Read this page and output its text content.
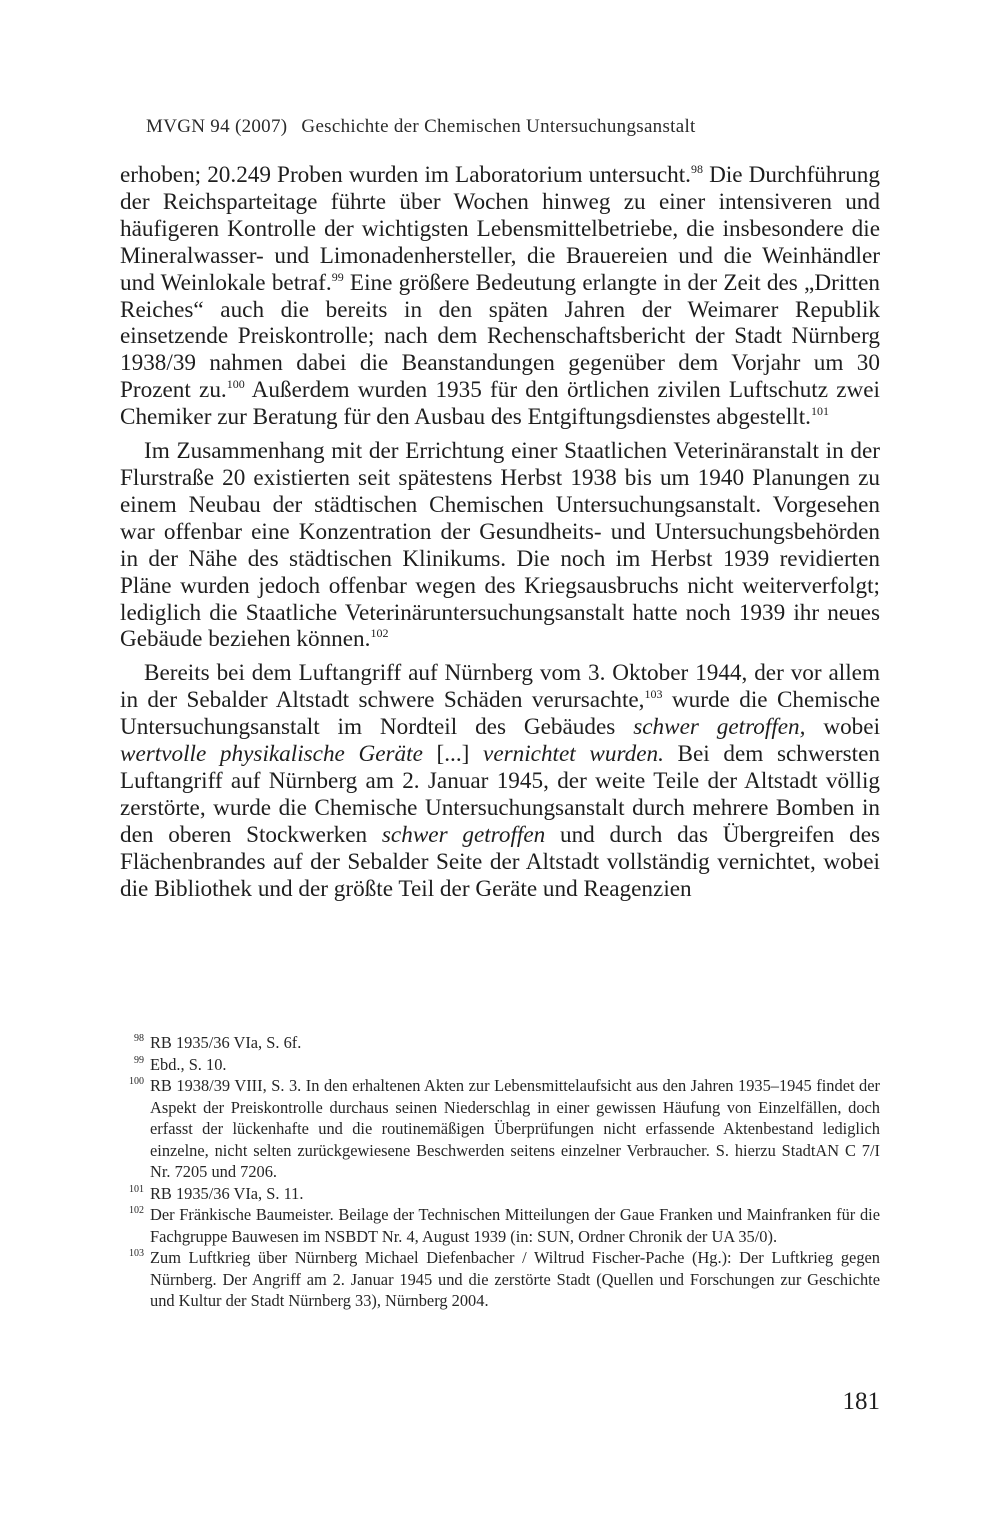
MVGN 94 (2007) Geschichte der Chemischen Untersuchungsanstalt

erhoben; 20.249 Proben wurden im Laboratorium untersucht.$^{98}$ Die Durchführung der Reichsparteitage führte über Wochen hinweg zu einer intensiveren und häufigeren Kontrolle der wichtigsten Lebensmittelbetriebe, die insbesondere die Mineralwasser- und Limonadenhersteller, die Brauereien und die Weinhändler und Weinlokale betraf.$^{99}$ Eine größere Bedeutung erlangte in der Zeit des „Dritten Reiches“ auch die bereits in den späten Jahren der Weimarer Republik einsetzende Preiskontrolle; nach dem Rechenschaftsbericht der Stadt Nürnberg 1938/39 nahmen dabei die Beanstandungen gegenüber dem Vorjahr um 30 Prozent zu.$^{100}$ Außerdem wurden 1935 für den örtlichen zivilen Luftschutz zwei Chemiker zur Beratung für den Ausbau des Entgiftungsdienstes abgestellt.$^{101}$

Im Zusammenhang mit der Errichtung einer Staatlichen Veterinäranstalt in der Flurstraße 20 existierten seit spätestens Herbst 1938 bis um 1940 Planungen zu einem Neubau der städtischen Chemischen Untersuchungsanstalt. Vorgesehen war offenbar eine Konzentration der Gesundheits- und Untersuchungsbehörden in der Nähe des städtischen Klinikums. Die noch im Herbst 1939 revidierten Pläne wurden jedoch offenbar wegen des Kriegsausbruchs nicht weiterverfolgt; lediglich die Staatliche Veterinäruntersuchungsanstalt hatte noch 1939 ihr neues Gebäude beziehen können.$^{102}$

Bereits bei dem Luftangriff auf Nürnberg vom 3. Oktober 1944, der vor allem in der Sebalder Altstadt schwere Schäden verursachte,$^{103}$ wurde die Chemische Untersuchungsanstalt im Nordteil des Gebäudes schwer getroffen, wobei wertvolle physikalische Geräte [...] vernichtet wurden. Bei dem schwersten Luftangriff auf Nürnberg am 2. Januar 1945, der weite Teile der Altstadt völlig zerstörte, wurde die Chemische Untersuchungsanstalt durch mehrere Bomben in den oberen Stockwerken schwer getroffen und durch das Übergreifen des Flächenbrandes auf der Sebalder Seite der Altstadt vollständig vernichtet, wobei die Bibliothek und der größte Teil der Geräte und Reagenzien

98 RB 1935/36 VIa, S. 6f.
99 Ebd., S. 10.
100 RB 1938/39 VIII, S. 3. In den erhaltenen Akten zur Lebensmittelaufsicht aus den Jahren 1935–1945 findet der Aspekt der Preiskontrolle durchaus seinen Niederschlag in einer gewissen Häufung von Einzelfällen, doch erfasst der lückenhafte und die routinemäßigen Überprüfungen nicht erfassende Aktenbestand lediglich einzelne, nicht selten zurückgewiesene Beschwerden seitens einzelner Verbraucher. S. hierzu StadtAN C 7/I Nr. 7205 und 7206.
101 RB 1935/36 VIa, S. 11.
102 Der Fränkische Baumeister. Beilage der Technischen Mitteilungen der Gaue Franken und Mainfranken für die Fachgruppe Bauwesen im NSBDT Nr. 4, August 1939 (in: SUN, Ordner Chronik der UA 35/0).
103 Zum Luftkrieg über Nürnberg Michael Diefenbacher / Wiltrud Fischer-Pache (Hg.): Der Luftkrieg gegen Nürnberg. Der Angriff am 2. Januar 1945 und die zerstörte Stadt (Quellen und Forschungen zur Geschichte und Kultur der Stadt Nürnberg 33), Nürnberg 2004.
181
